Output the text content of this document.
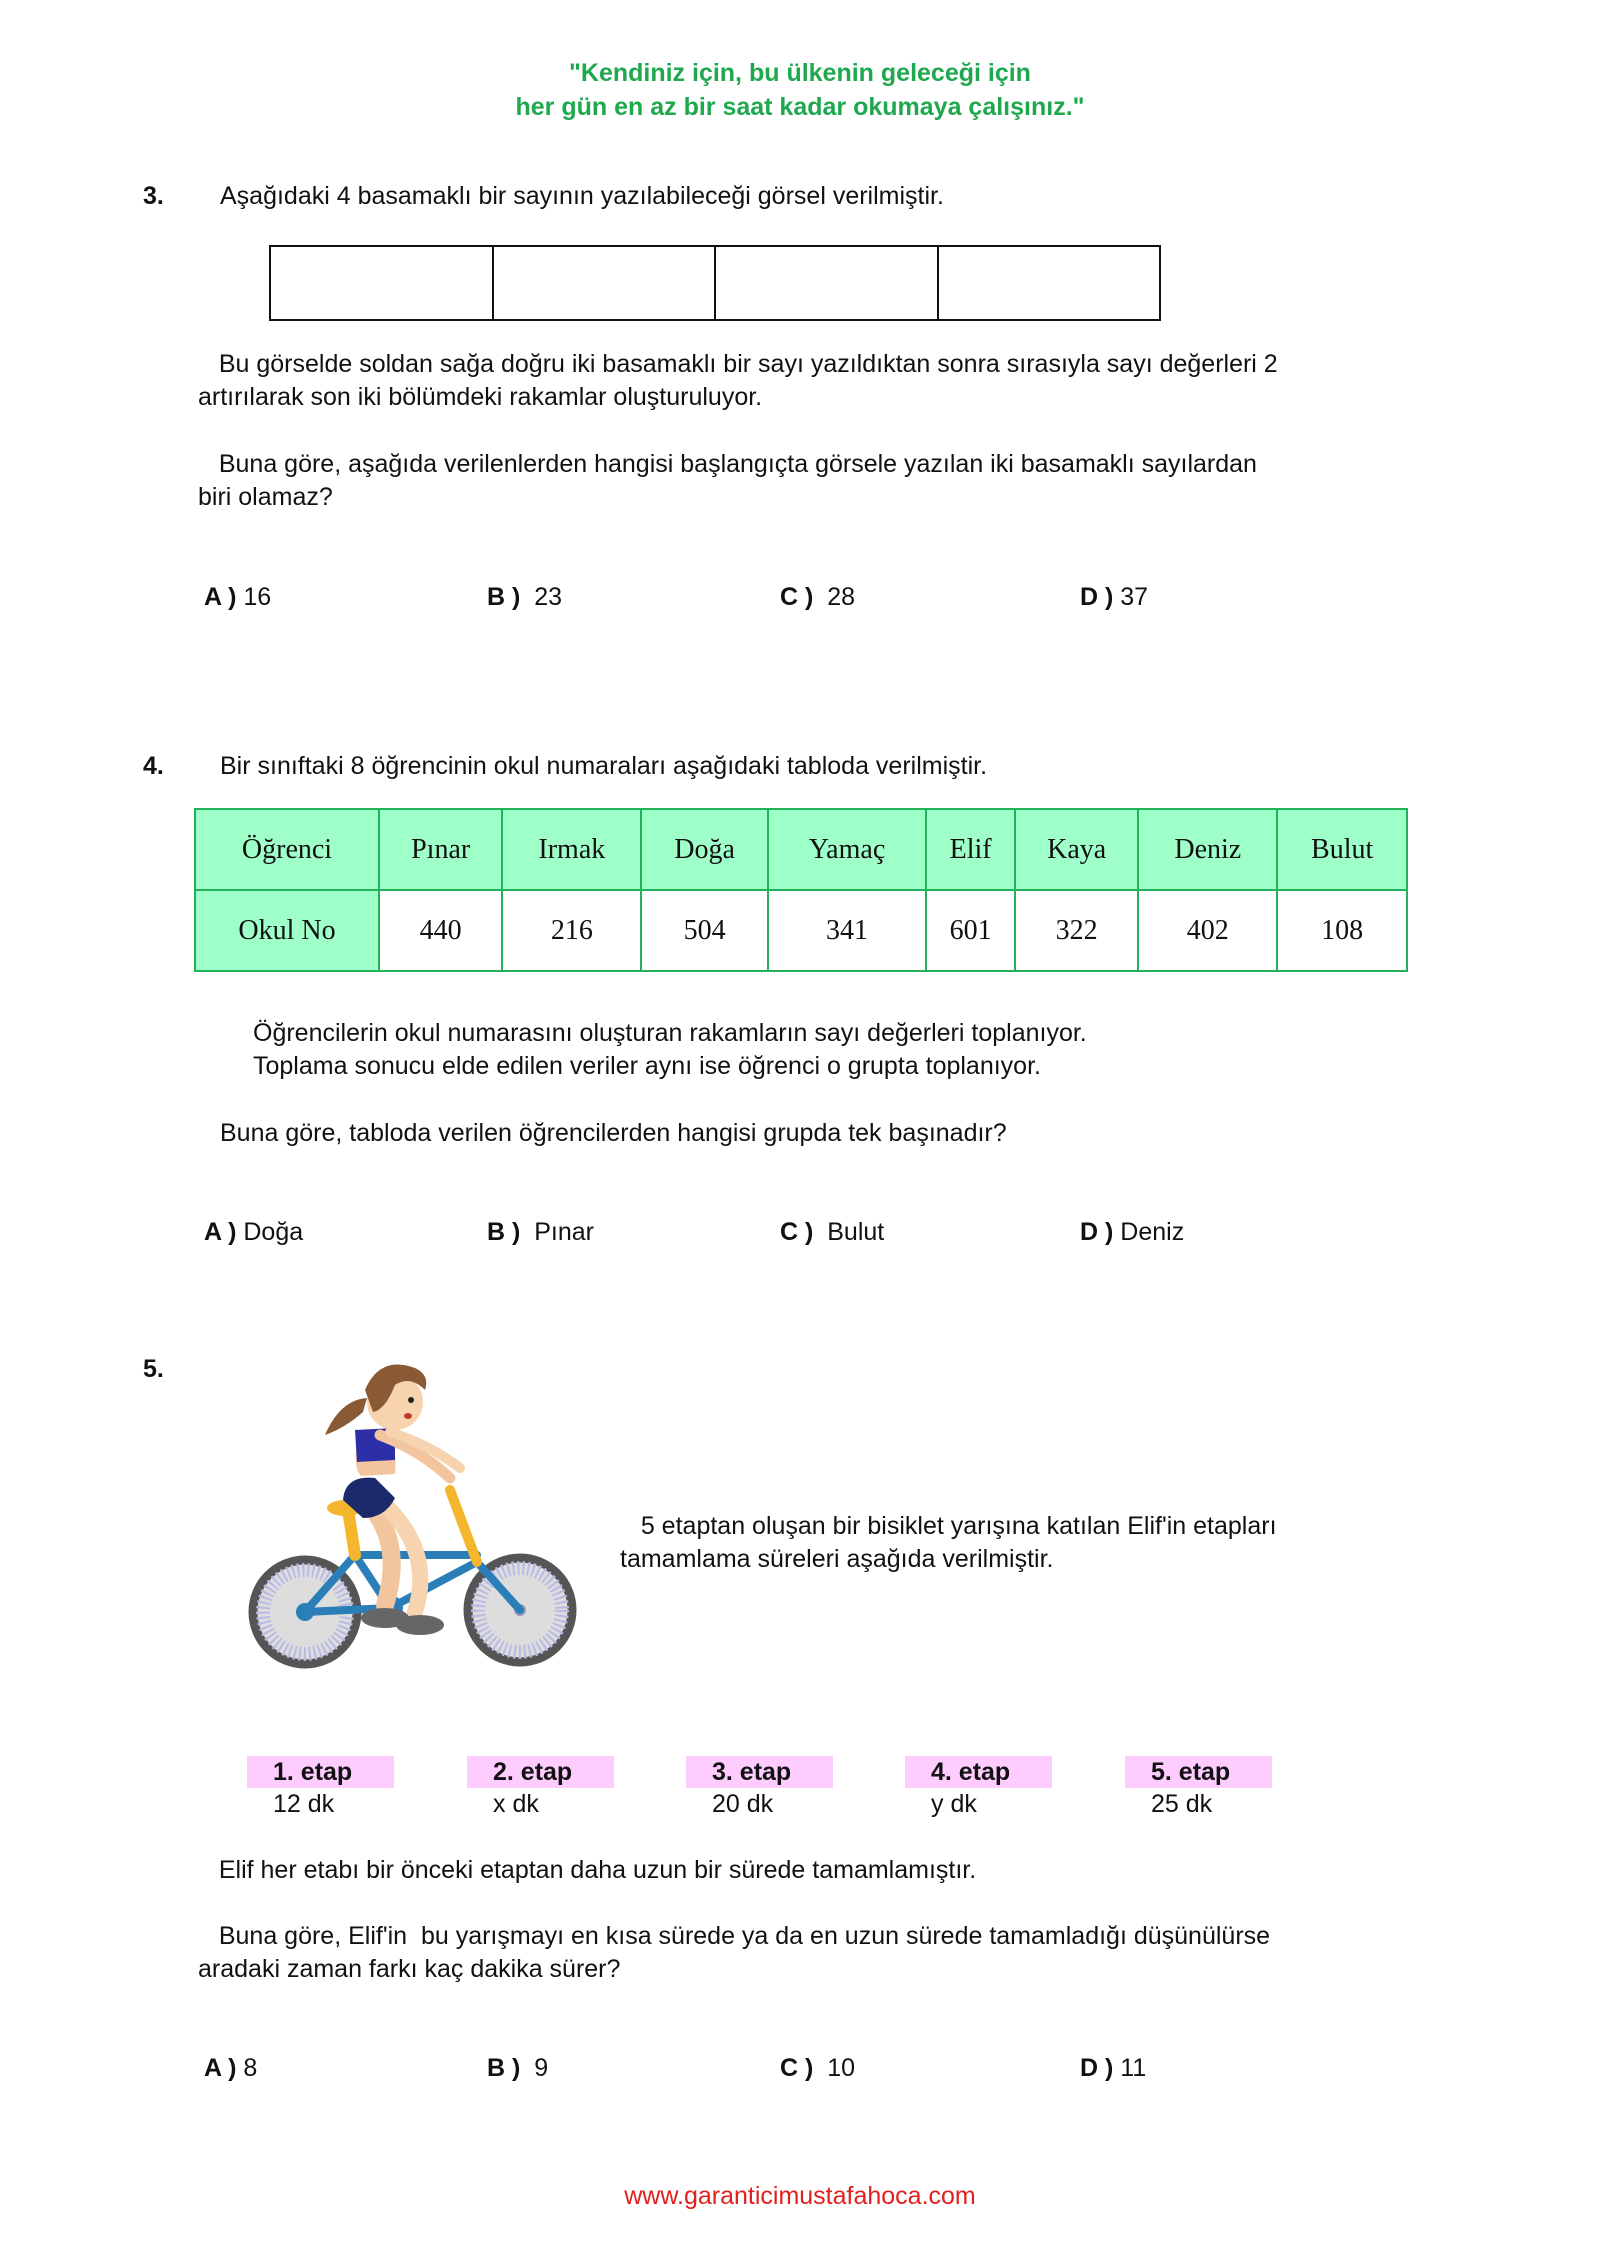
"Kendiniz için, bu ülkenin geleceği için
her gün en az bir saat kadar okumaya çalışınız."
3. Aşağıdaki 4 basamaklı bir sayının yazılabileceği görsel verilmiştir.
Bu görselde soldan sağa doğru iki basamaklı bir sayı yazıldıktan sonra sırasıyla sayı değerleri 2
artırılarak son iki bölümdeki rakamlar oluşturuluyor.
Buna göre, aşağıda verilenlerden hangisi başlangıçta görsele yazılan iki basamaklı sayılardan
biri olamaz?
A ) 16	B ) 23	C ) 28	D ) 37
4. Bir sınıftaki 8 öğrencinin okul numaraları aşağıdaki tabloda verilmiştir.
Öğrenci	Pınar	Irmak	Doğa	Yamaç	Elif	Kaya	Deniz	Bulut
Okul No	440	216	504	341	601	322	402	108
Öğrencilerin okul numarasını oluşturan rakamların sayı değerleri toplanıyor.
Toplama sonucu elde edilen veriler aynı ise öğrenci o grupta toplanıyor.
Buna göre, tabloda verilen öğrencilerden hangisi grupda tek başınadır?
A ) Doğa	B ) Pınar	C ) Bulut	D ) Deniz
5.
5 etaptan oluşan bir bisiklet yarışına katılan Elif'in etapları
tamamlama süreleri aşağıda verilmiştir.
1. etap
12 dk
2. etap
x dk
3. etap
20 dk
4. etap
y dk
5. etap
25 dk
Elif her etabı bir önceki etaptan daha uzun bir sürede tamamlamıştır.
Buna göre, Elif'in  bu yarışmayı en kısa sürede ya da en uzun sürede tamamladığı düşünülürse
aradaki zaman farkı kaç dakika sürer?
A ) 8	B ) 9	C ) 10	D ) 11
www.garanticimustafahoca.com
